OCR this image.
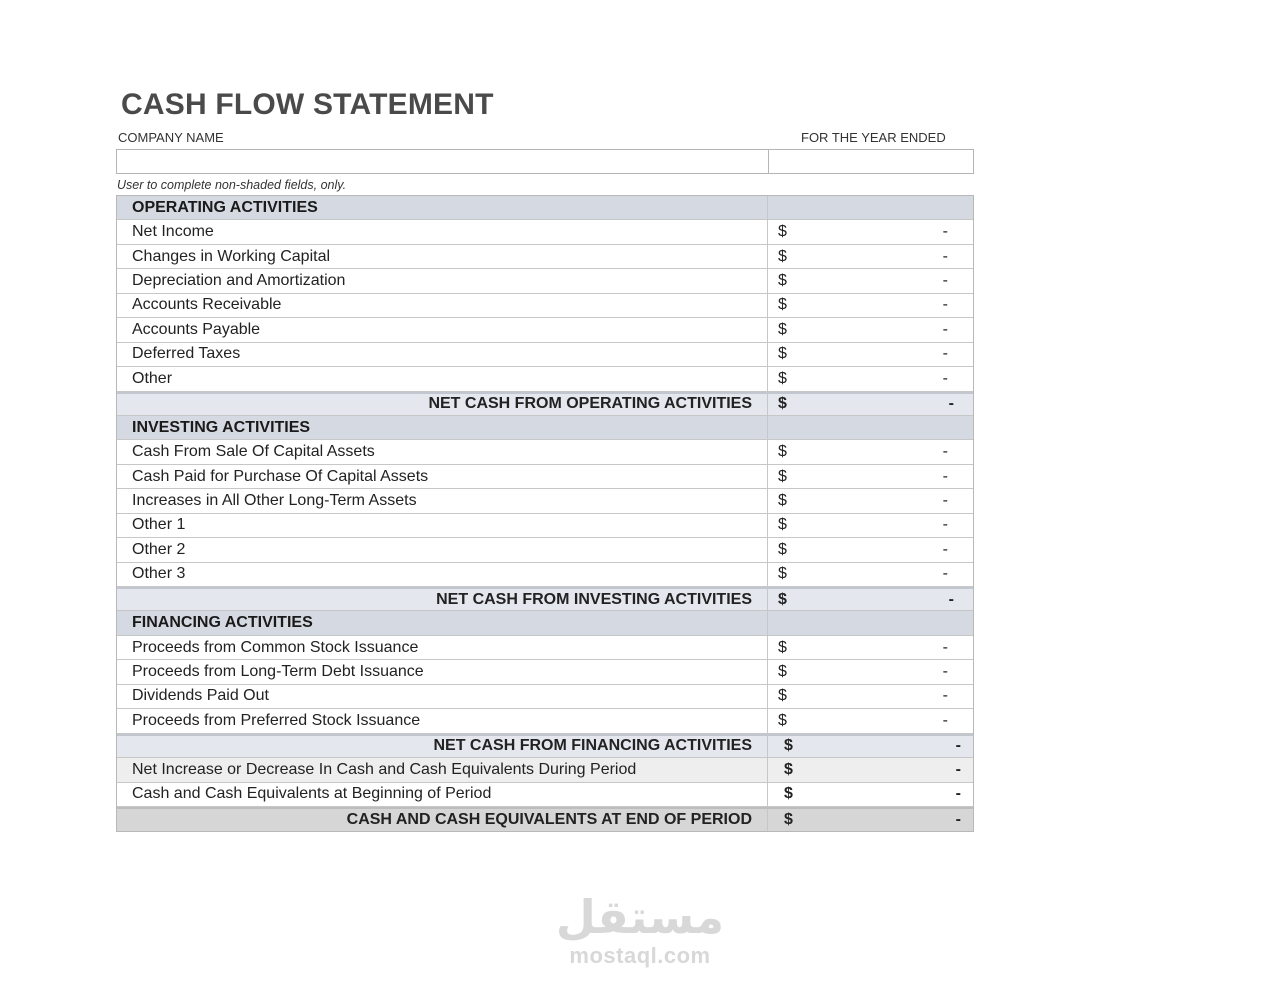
CASH FLOW STATEMENT
COMPANY NAME	FOR THE YEAR ENDED
User to complete non-shaded fields, only.
OPERATING ACTIVITIES
Net Income	$	-
Changes in Working Capital	$	-
Depreciation and Amortization	$	-
Accounts Receivable	$	-
Accounts Payable	$	-
Deferred Taxes	$	-
Other	$	-
NET CASH FROM OPERATING ACTIVITIES	$	-
INVESTING ACTIVITIES
Cash From Sale Of Capital Assets	$	-
Cash Paid for Purchase Of Capital Assets	$	-
Increases in All Other Long-Term Assets	$	-
Other 1	$	-
Other 2	$	-
Other 3	$	-
NET CASH FROM INVESTING ACTIVITIES	$	-
FINANCING ACTIVITIES
Proceeds from Common Stock Issuance	$	-
Proceeds from Long-Term Debt Issuance	$	-
Dividends Paid Out	$	-
Proceeds from Preferred Stock Issuance	$	-
NET CASH FROM FINANCING ACTIVITIES	$	-
Net Increase or Decrease In Cash and Cash Equivalents During Period	$	-
Cash and Cash Equivalents at Beginning of Period	$	-
CASH AND CASH EQUIVALENTS AT END OF PERIOD	$	-
مستقل
mostaql.com
